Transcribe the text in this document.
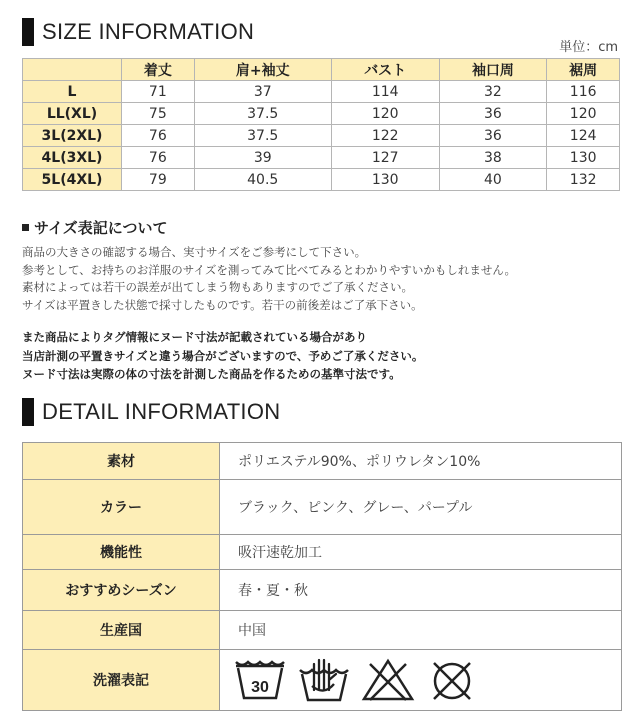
SIZE INFORMATION
単位：cm
	着丈	肩+袖丈	バスト	袖口周	裾周
L	71	37	114	32	116
LL(XL)	75	37.5	120	36	120
3L(2XL)	76	37.5	122	36	124
4L(3XL)	76	39	127	38	130
5L(4XL)	79	40.5	130	40	132
サイズ表記について
商品の大きさの確認する場合、実寸サイズをご参考にして下さい。
参考として、お持ちのお洋服のサイズを測ってみて比べてみるとわかりやすいかもしれません。
素材によっては若干の誤差が出てしまう物もありますのでご了承ください。
サイズは平置きした状態で採寸したものです。若干の前後差はご了承下さい。
また商品によりタグ情報にヌード寸法が記載されている場合があり
当店計測の平置きサイズと違う場合がございますので、予めご了承ください。
ヌード寸法は実際の体の寸法を計測した商品を作るための基準寸法です。
DETAIL INFORMATION
素材	ポリエステル90%、ポリウレタン10%
カラー	ブラック、ピンク、グレー、パープル
機能性	吸汗速乾加工
おすすめシーズン	春・夏・秋
生産国	中国
洗濯表記	30
